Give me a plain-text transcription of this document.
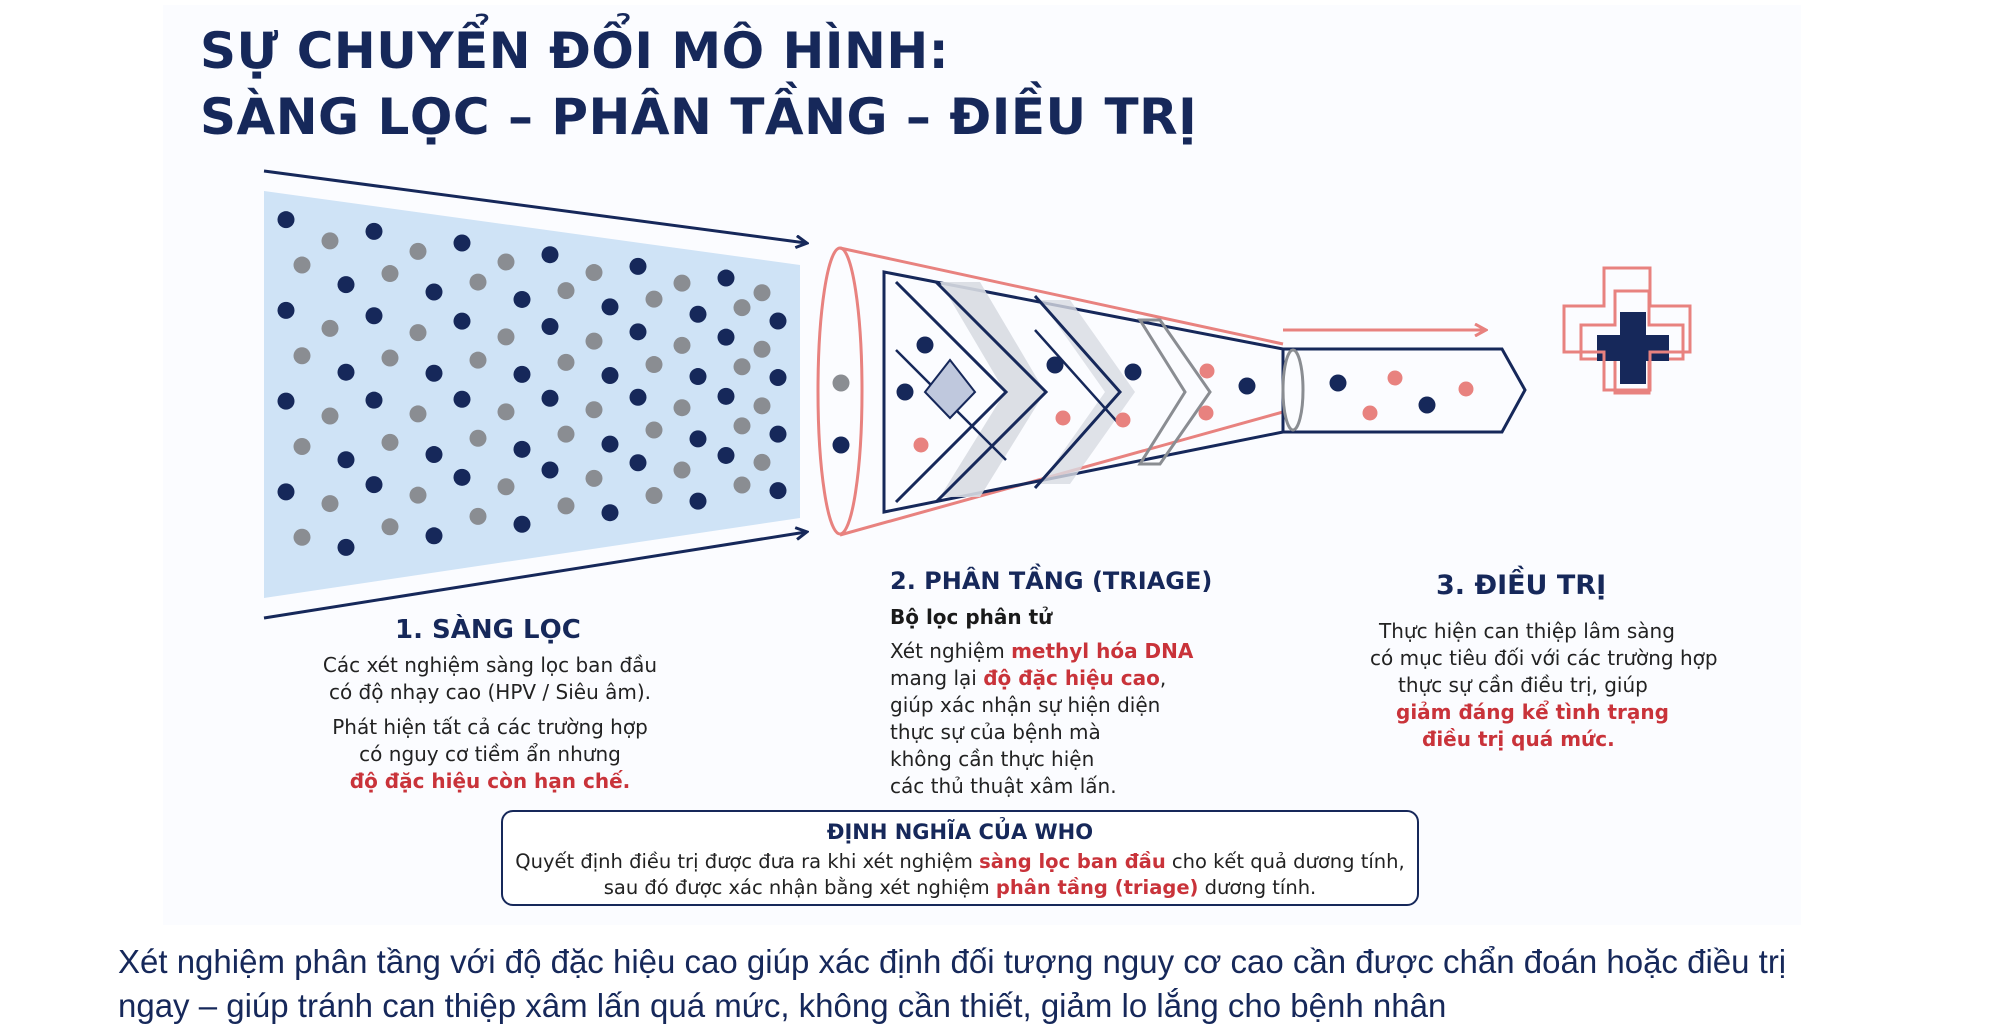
SỰ CHUYỂN ĐỔI MÔ HÌNH:
SÀNG LỌC – PHÂN TẦNG – ĐIỀU TRỊ
1. SÀNG LỌC
Các xét nghiệm sàng lọc ban đầu
có độ nhạy cao (HPV / Siêu âm).
Phát hiện tất cả các trường hợp
có nguy cơ tiềm ẩn nhưng
độ đặc hiệu còn hạn chế.
2. PHÂN TẦNG (TRIAGE)
Bộ lọc phân tử
Xét nghiệm methyl hóa DNA
mang lại độ đặc hiệu cao,
giúp xác nhận sự hiện diện
thực sự của bệnh mà
không cần thực hiện
các thủ thuật xâm lấn.
3. ĐIỀU TRỊ
Thực hiện can thiệp lâm sàng
có mục tiêu đối với các trường hợp
thực sự cần điều trị, giúp
giảm đáng kể tình trạng
điều trị quá mức.
ĐỊNH NGHĨA CỦA WHO
Quyết định điều trị được đưa ra khi xét nghiệm sàng lọc ban đầu cho kết quả dương tính,
sau đó được xác nhận bằng xét nghiệm phân tầng (triage) dương tính.
Xét nghiệm phân tầng với độ đặc hiệu cao giúp xác định đối tượng nguy cơ cao cần được chẩn đoán hoặc điều trị
ngay – giúp tránh can thiệp xâm lấn quá mức, không cần thiết, giảm lo lắng cho bệnh nhân
